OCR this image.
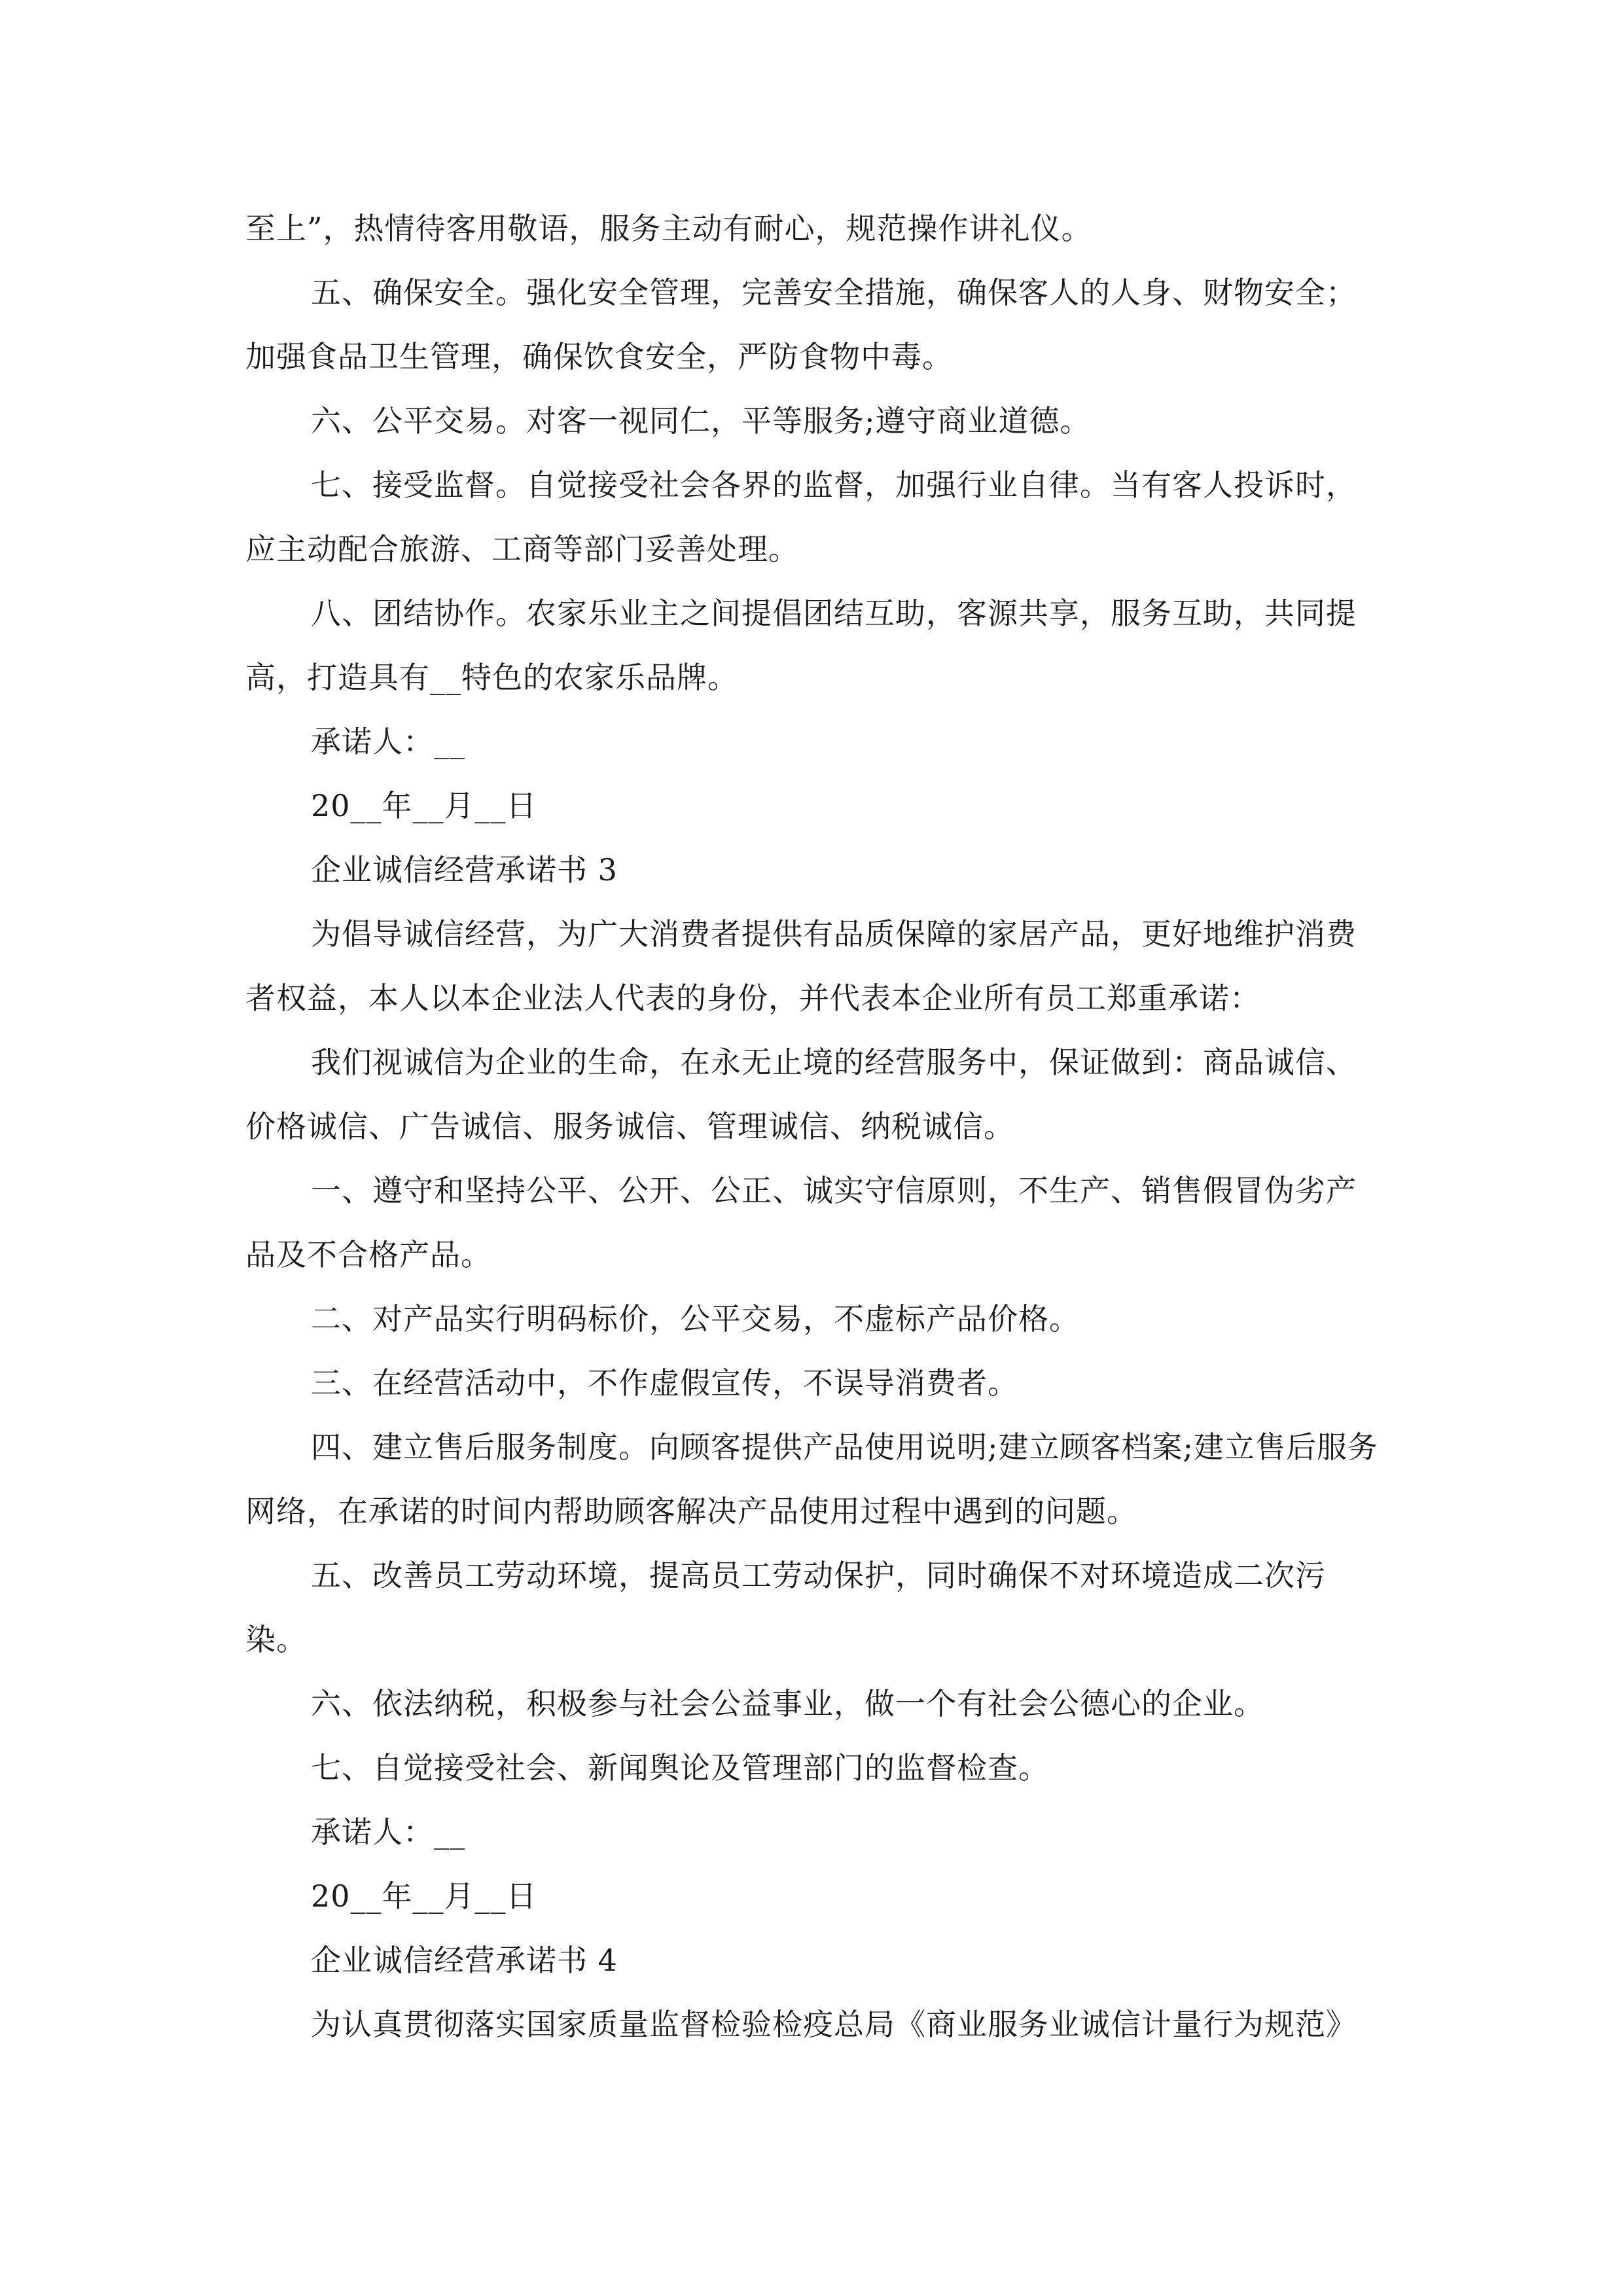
至上”，热情待客用敬语，服务主动有耐心，规范操作讲礼仪。

五、确保安全。强化安全管理，完善安全措施，确保客人的人身、财物安全；加强食品卫生管理，确保饮食安全，严防食物中毒。

六、公平交易。对客一视同仁，平等服务;遵守商业道德。

七、接受监督。自觉接受社会各界的监督，加强行业自律。当有客人投诉时，应主动配合旅游、工商等部门妥善处理。

八、团结协作。农家乐业主之间提倡团结互助，客源共享，服务互助，共同提高，打造具有__特色的农家乐品牌。

承诺人：__

20__年__月__日

企业诚信经营承诺书 3

为倡导诚信经营，为广大消费者提供有品质保障的家居产品，更好地维护消费者权益，本人以本企业法人代表的身份，并代表本企业所有员工郑重承诺：

我们视诚信为企业的生命，在永无止境的经营服务中，保证做到：商品诚信、价格诚信、广告诚信、服务诚信、管理诚信、纳税诚信。

一、遵守和坚持公平、公开、公正、诚实守信原则，不生产、销售假冒伪劣产品及不合格产品。

二、对产品实行明码标价，公平交易，不虚标产品价格。

三、在经营活动中，不作虚假宣传，不误导消费者。

四、建立售后服务制度。向顾客提供产品使用说明;建立顾客档案;建立售后服务网络，在承诺的时间内帮助顾客解决产品使用过程中遇到的问题。

五、改善员工劳动环境，提高员工劳动保护，同时确保不对环境造成二次污染。

六、依法纳税，积极参与社会公益事业，做一个有社会公德心的企业。

七、自觉接受社会、新闻舆论及管理部门的监督检查。

承诺人：__

20__年__月__日

企业诚信经营承诺书 4

为认真贯彻落实国家质量监督检验检疫总局《商业服务业诚信计量行为规范》
